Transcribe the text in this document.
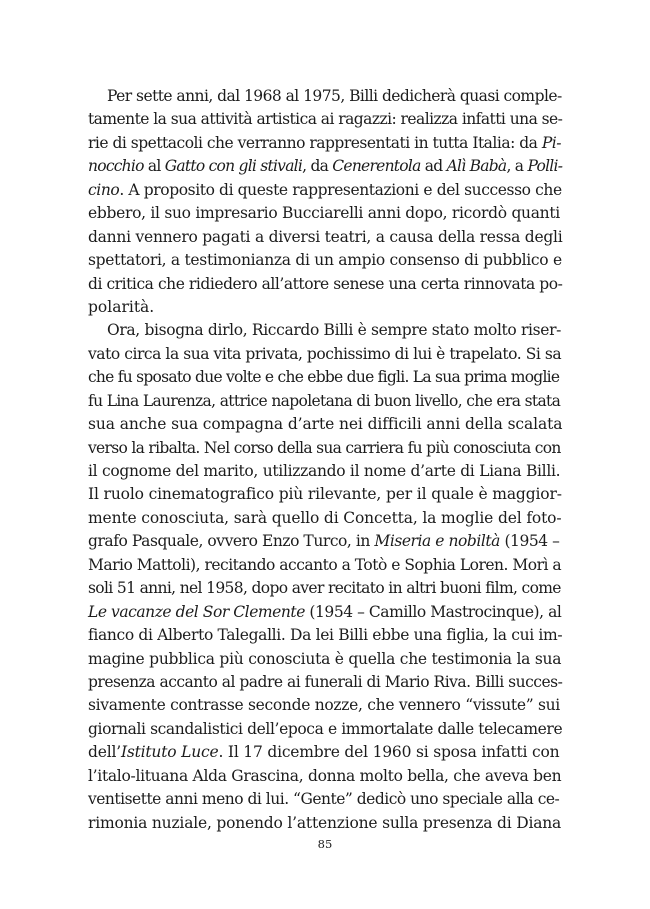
Per sette anni, dal 1968 al 1975, Billi dedicherà quasi comple-
tamente la sua attività artistica ai ragazzi: realizza infatti una se-
rie di spettacoli che verranno rappresentati in tutta Italia: da Pi-
nocchio al Gatto con gli stivali, da Cenerentola ad Alì Babà, a Polli-
cino. A proposito di queste rappresentazioni e del successo che
ebbero, il suo impresario Bucciarelli anni dopo, ricordò quanti
danni vennero pagati a diversi teatri, a causa della ressa degli
spettatori, a testimonianza di un ampio consenso di pubblico e
di critica che ridiedero all’attore senese una certa rinnovata po-
polarità.
Ora, bisogna dirlo, Riccardo Billi è sempre stato molto riser-
vato circa la sua vita privata, pochissimo di lui è trapelato. Si sa
che fu sposato due volte e che ebbe due figli. La sua prima moglie
fu Lina Laurenza, attrice napoletana di buon livello, che era stata
sua anche sua compagna d’arte nei difficili anni della scalata
verso la ribalta. Nel corso della sua carriera fu più conosciuta con
il cognome del marito, utilizzando il nome d’arte di Liana Billi.
Il ruolo cinematografico più rilevante, per il quale è maggior-
mente conosciuta, sarà quello di Concetta, la moglie del foto-
grafo Pasquale, ovvero Enzo Turco, in Miseria e nobiltà (1954 –
Mario Mattoli), recitando accanto a Totò e Sophia Loren. Morì a
soli 51 anni, nel 1958, dopo aver recitato in altri buoni film, come
Le vacanze del Sor Clemente (1954 – Camillo Mastrocinque), al
fianco di Alberto Talegalli. Da lei Billi ebbe una figlia, la cui im-
magine pubblica più conosciuta è quella che testimonia la sua
presenza accanto al padre ai funerali di Mario Riva. Billi succes-
sivamente contrasse seconde nozze, che vennero “vissute” sui
giornali scandalistici dell’epoca e immortalate dalle telecamere
dell’Istituto Luce. Il 17 dicembre del 1960 si sposa infatti con
l’italo-lituana Alda Grascina, donna molto bella, che aveva ben
ventisette anni meno di lui. “Gente” dedicò uno speciale alla ce-
rimonia nuziale, ponendo l’attenzione sulla presenza di Diana
85
